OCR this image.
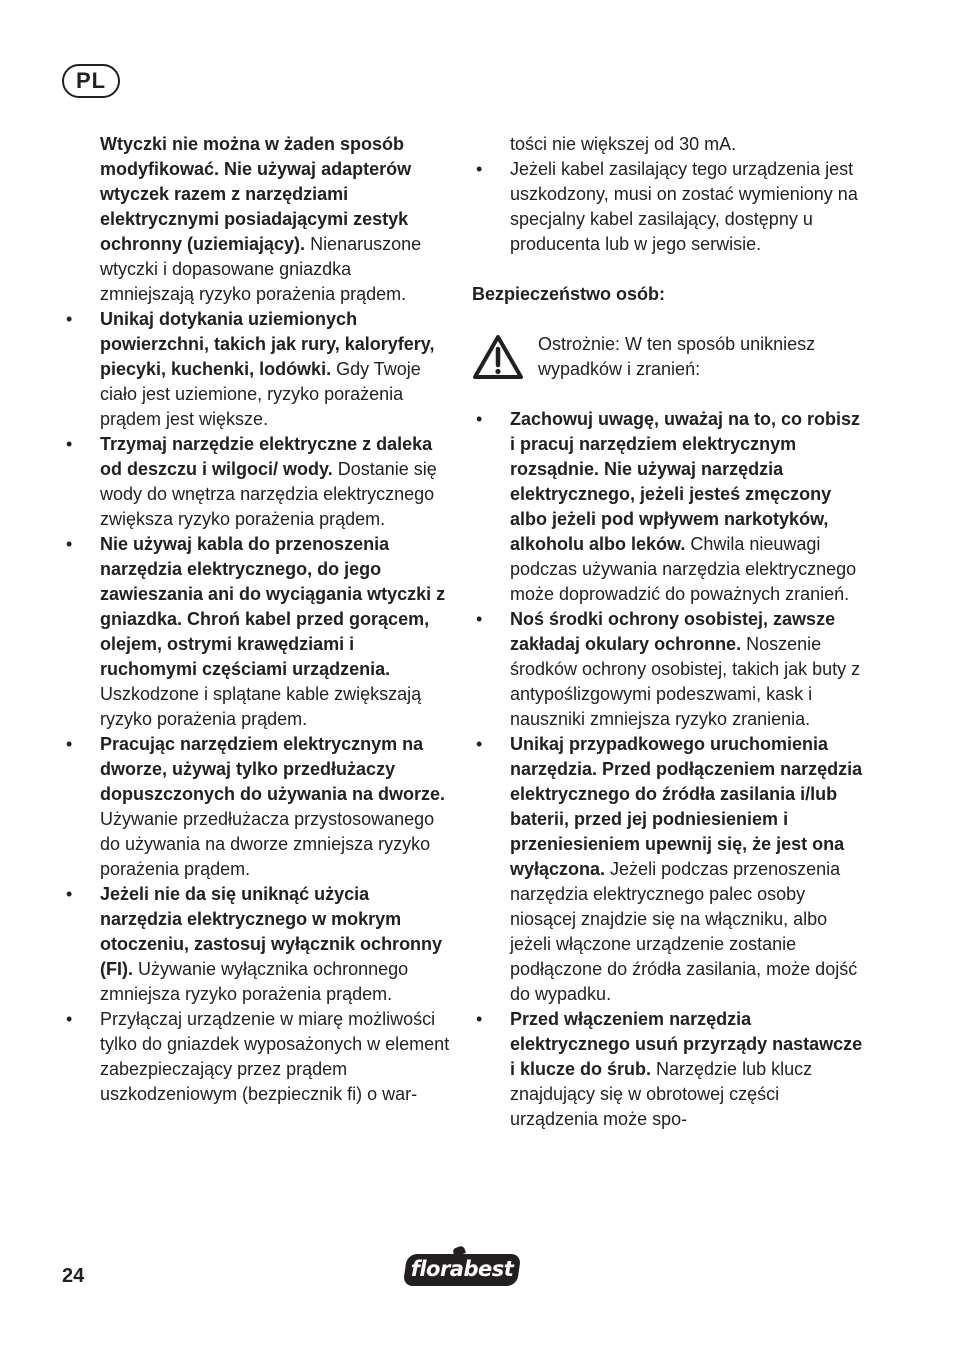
PL
Wtyczki nie można w żaden sposób modyfikować. Nie używaj adapterów wtyczek razem z narzędziami elektrycznymi posiadającymi zestyk ochronny (uziemiający). Nienaruszone wtyczki i dopasowane gniazdka zmniejszają ryzyko porażenia prądem.
• Unikaj dotykania uziemionych powierzchni, takich jak rury, kaloryfery, piecyki, kuchenki, lodówki. Gdy Twoje ciało jest uziemione, ryzyko porażenia prądem jest większe.
• Trzymaj narzędzie elektryczne z daleka od deszczu i wilgoci/ wody. Dostanie się wody do wnętrza narzędzia elektrycznego zwiększa ryzyko porażenia prądem.
• Nie używaj kabla do przenoszenia narzędzia elektrycznego, do jego zawieszania ani do wyciągania wtyczki z gniazdka. Chroń kabel przed gorącem, olejem, ostrymi krawędziami i ruchomymi częściami urządzenia. Uszkodzone i splątane kable zwiększają ryzyko porażenia prądem.
• Pracując narzędziem elektrycznym na dworze, używaj tylko przedłużaczy dopuszczonych do używania na dworze. Używanie przedłużacza przystosowanego do używania na dworze zmniejsza ryzyko porażenia prądem.
• Jeżeli nie da się uniknąć użycia narzędzia elektrycznego w mokrym otoczeniu, zastosuj wyłącznik ochronny (FI). Używanie wyłącznika ochronnego zmniejsza ryzyko porażenia prądem.
• Przyłączaj urządzenie w miarę możliwości tylko do gniazdek wyposażonych w element zabezpieczający przez prądem uszkodzeniowym (bezpiecznik fi) o war-
tości nie większej od 30 mA.
• Jeżeli kabel zasilający tego urządzenia jest uszkodzony, musi on zostać wymieniony na specjalny kabel zasilający, dostępny u producenta lub w jego serwisie.
Bezpieczeństwo osób:
Ostrożnie: W ten sposób unikniesz wypadków i zranień:
• Zachowuj uwagę, uważaj na to, co robisz i pracuj narzędziem elektrycznym rozsądnie. Nie używaj narzędzia elektrycznego, jeżeli jesteś zmęczony albo jeżeli pod wpływem narkotyków, alkoholu albo leków. Chwila nieuwagi podczas używania narzędzia elektrycznego może doprowadzić do poważnych zranień.
• Noś środki ochrony osobistej, zawsze zakładaj okulary ochronne. Noszenie środków ochrony osobistej, takich jak buty z antypoślizgowymi podeszwami, kask i nauszniki zmniejsza ryzyko zranienia.
• Unikaj przypadkowego uruchomienia narzędzia. Przed podłączeniem narzędzia elektrycznego do źródła zasilania i/lub baterii, przed jej podniesieniem i przeniesieniem upewnij się, że jest ona wyłączona. Jeżeli podczas przenoszenia narzędzia elektrycznego palec osoby niosącej znajdzie się na włączniku, albo jeżeli włączone urządzenie zostanie podłączone do źródła zasilania, może dojść do wypadku.
• Przed włączeniem narzędzia elektrycznego usuń przyrządy nastawcze i klucze do śrub. Narzędzie lub klucz znajdujący się w obrotowej części urządzenia może spo-
24	florabest
